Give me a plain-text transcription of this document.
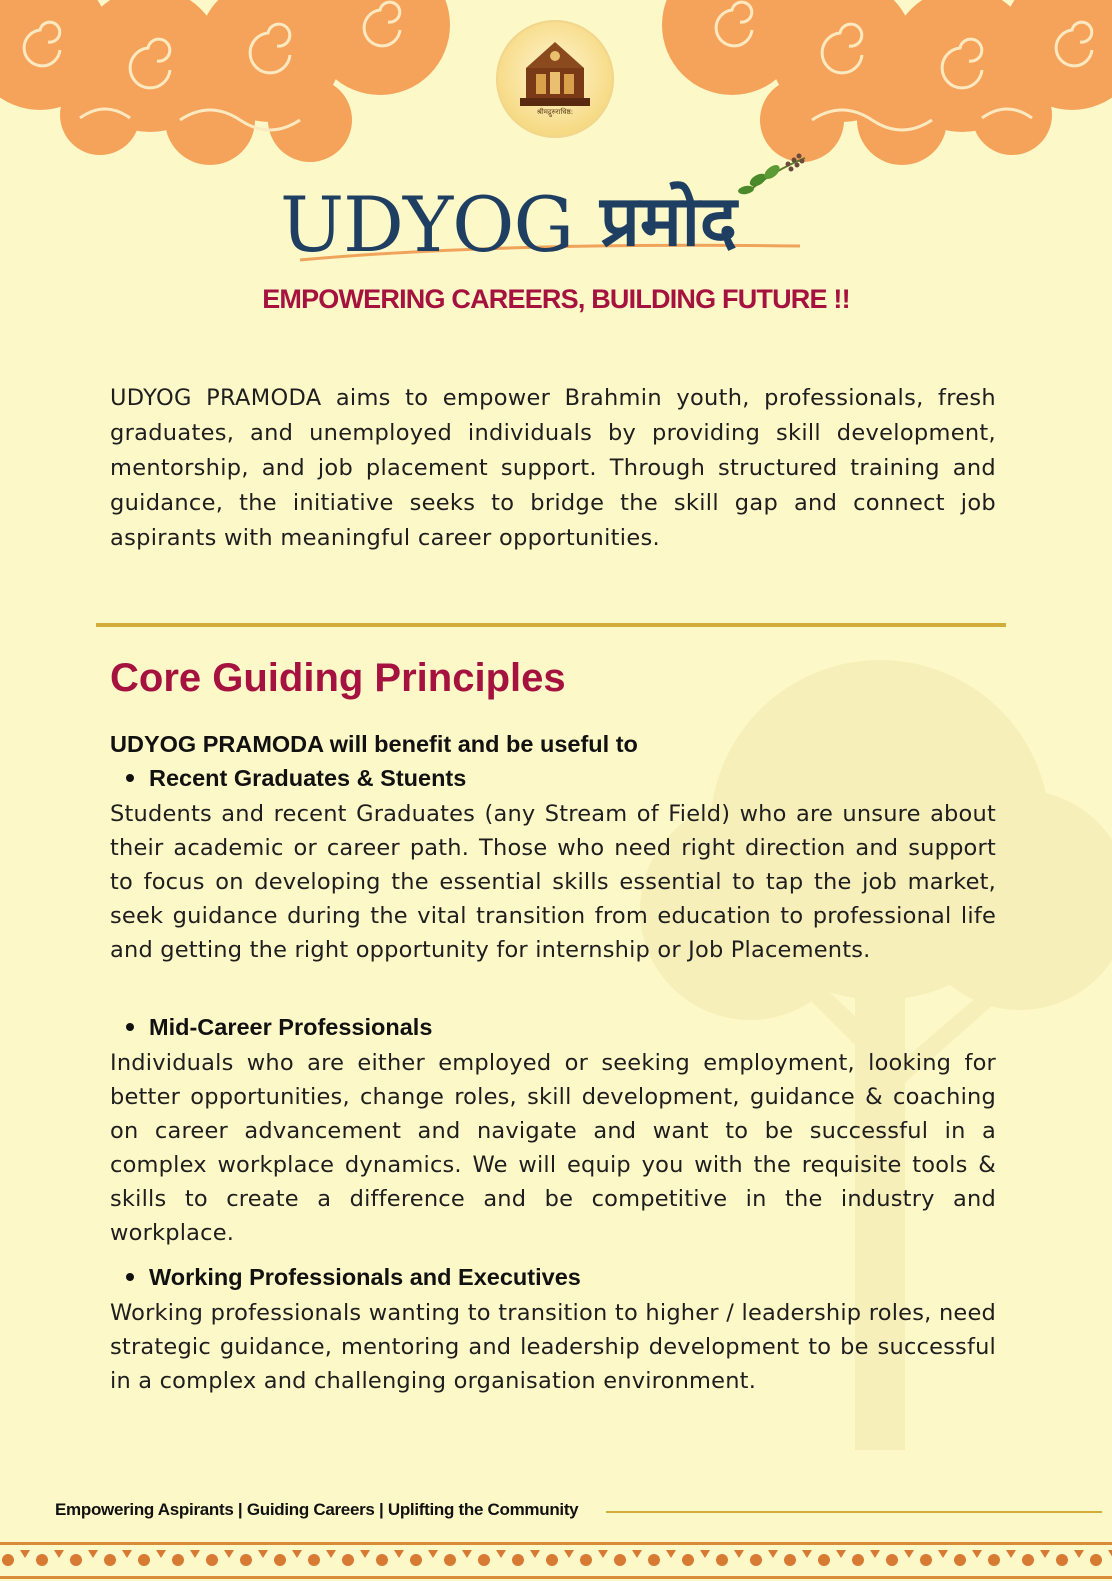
श्रीमद्गुरुराधिष्ठ:
UDYOG प्रमोद
EMPOWERING CAREERS, BUILDING FUTURE !!
UDYOG PRAMODA aims to empower Brahmin youth, professionals, fresh graduates, and unemployed individuals by providing skill development, mentorship, and job placement support. Through structured training and guidance, the initiative seeks to bridge the skill gap and connect job aspirants with meaningful career opportunities.
Core Guiding Principles
UDYOG PRAMODA will benefit and be useful to
Recent Graduates & Stuents
Students and recent Graduates (any Stream of Field) who are unsure about their academic or career path. Those who need right direction and support to focus on developing the essential skills essential to tap the job market, seek guidance during the vital transition from education to professional life and getting the right opportunity for internship or Job Placements.
Mid-Career Professionals
Individuals who are either employed or seeking employment, looking for better opportunities, change roles, skill development, guidance & coaching on career advancement and navigate and want to be successful in a complex workplace dynamics. We will equip you with the requisite tools & skills to create a difference and be competitive in the industry and workplace.
Working Professionals and Executives
Working professionals wanting to transition to higher / leadership roles, need strategic guidance, mentoring and leadership development to be successful in a complex and challenging organisation environment.
Empowering Aspirants | Guiding Careers | Uplifting the Community
